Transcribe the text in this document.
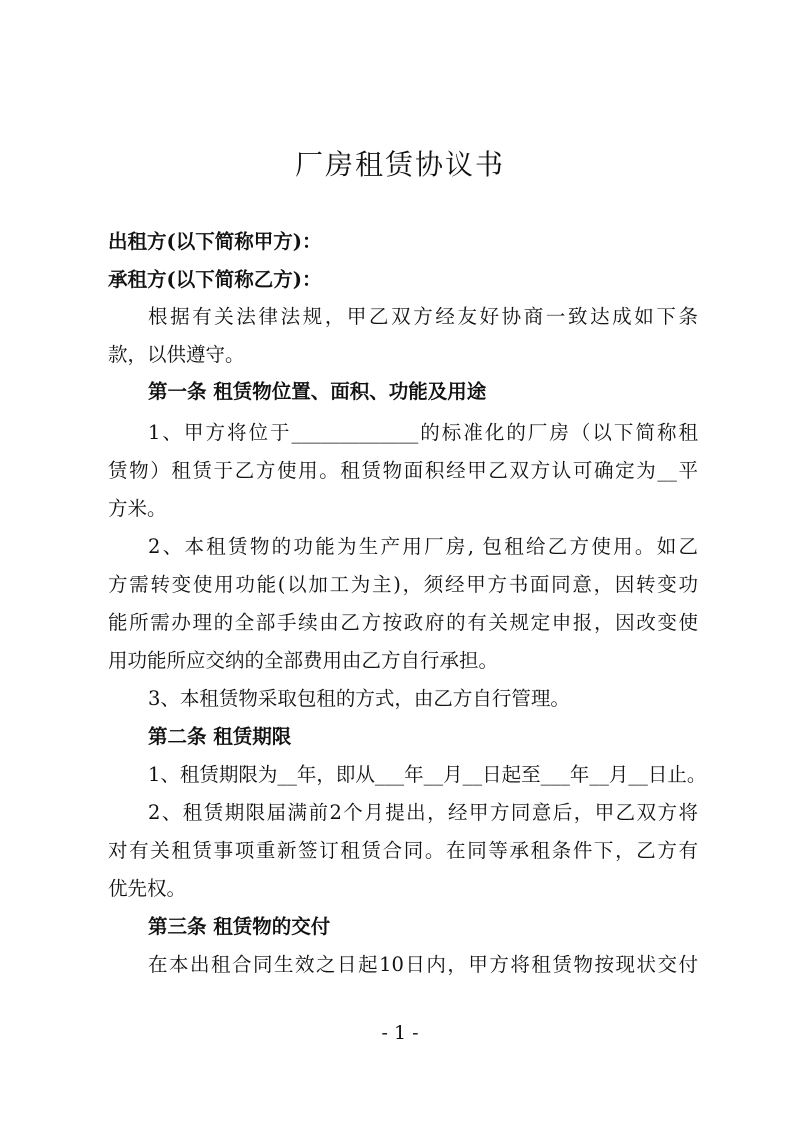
厂房租赁协议书
出租方(以下简称甲方)：
承租方(以下简称乙方)：
根据有关法律法规，甲乙双方经友好协商一致达成如下条
款，以供遵守。
第一条 租赁物位置、面积、功能及用途
1、甲方将位于_____________的标准化的厂房（以下简称租
赁物）租赁于乙方使用。租赁物面积经甲乙双方认可确定为__平
方米。
2、本租赁物的功能为生产用厂房, 包租给乙方使用。如乙
方需转变使用功能(以加工为主)，须经甲方书面同意，因转变功
能所需办理的全部手续由乙方按政府的有关规定申报，因改变使
用功能所应交纳的全部费用由乙方自行承担。
3、本租赁物采取包租的方式，由乙方自行管理。
第二条 租赁期限
1、租赁期限为__年，即从___年__月__日起至___年__月__日止。
2、租赁期限届满前2个月提出，经甲方同意后，甲乙双方将
对有关租赁事项重新签订租赁合同。在同等承租条件下，乙方有
优先权。
第三条 租赁物的交付
在本出租合同生效之日起10日内，甲方将租赁物按现状交付
- 1 -
